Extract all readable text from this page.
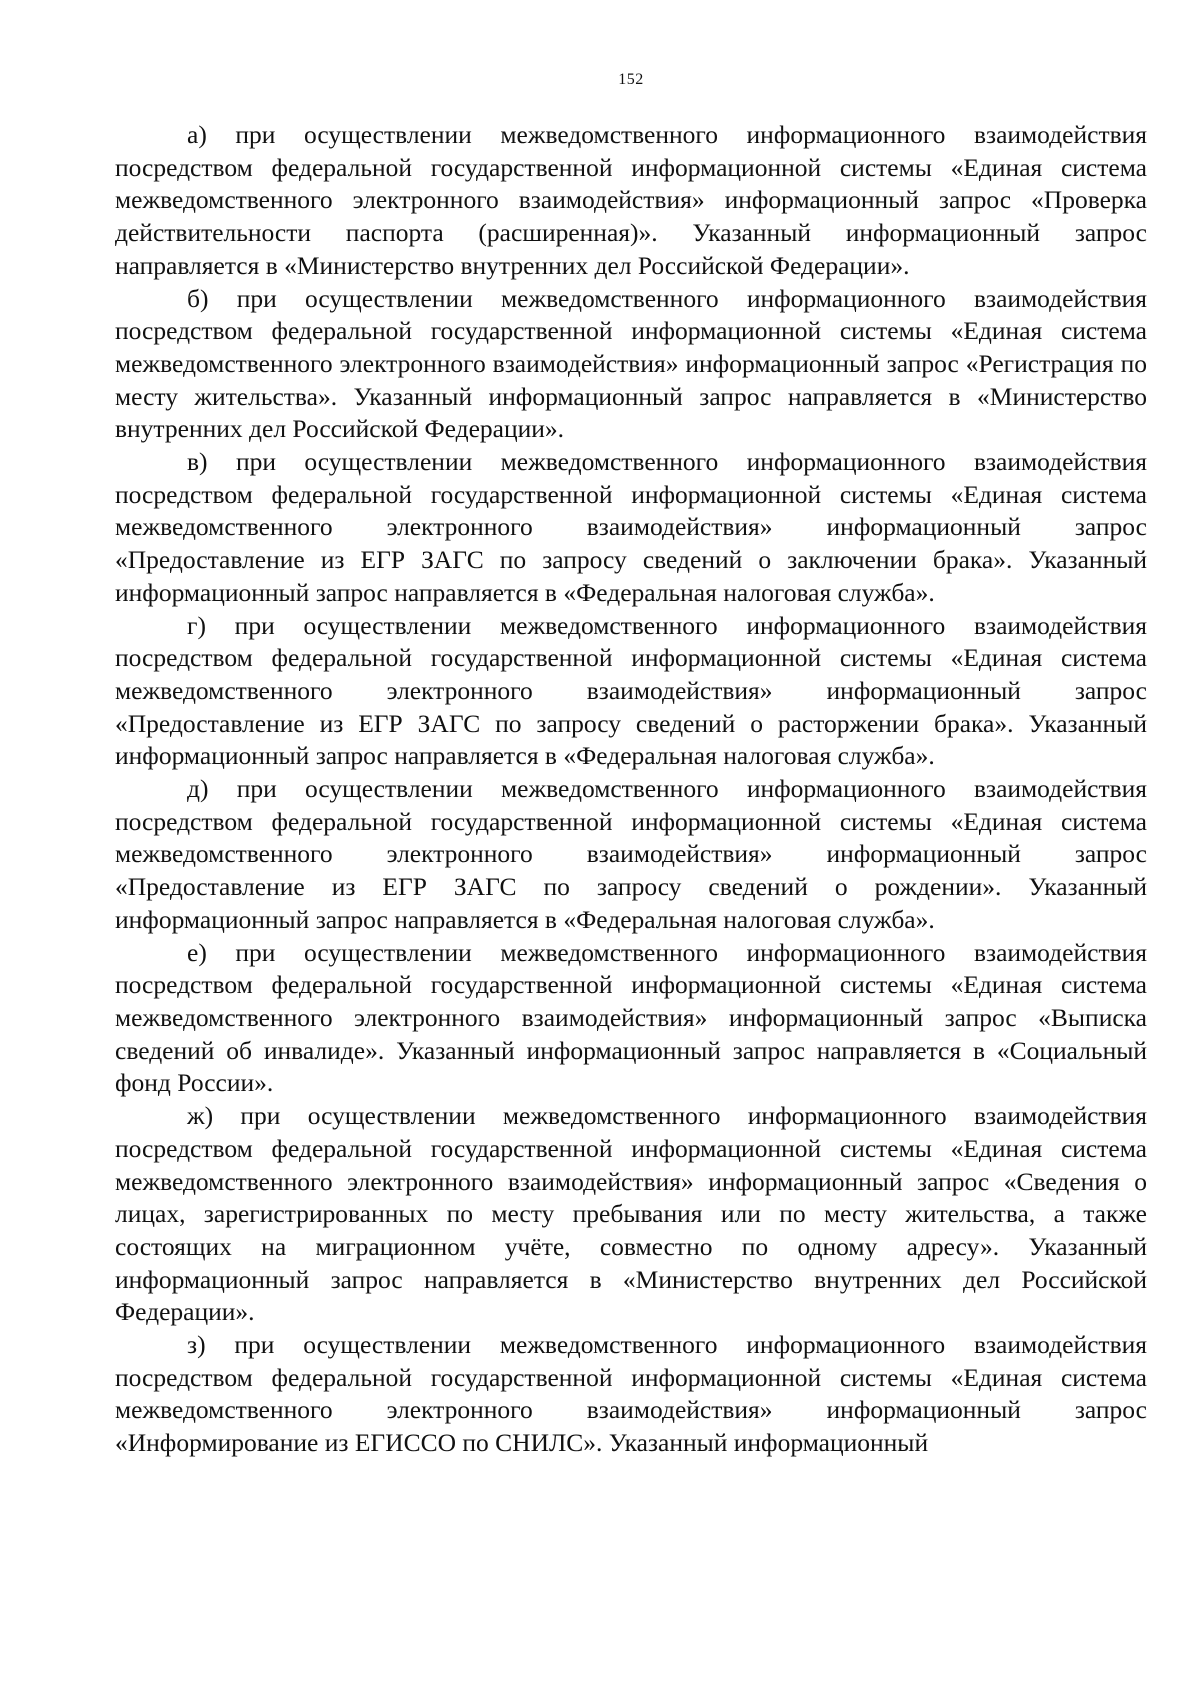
152

а) при осуществлении межведомственного информационного взаимодействия посредством федеральной государственной информационной системы «Единая система межведомственного электронного взаимодействия» информационный запрос «Проверка действительности паспорта (расширенная)». Указанный информационный запрос направляется в «Министерство внутренних дел Российской Федерации».

б) при осуществлении межведомственного информационного взаимодействия посредством федеральной государственной информационной системы «Единая система межведомственного электронного взаимодействия» информационный запрос «Регистрация по месту жительства». Указанный информационный запрос направляется в «Министерство внутренних дел Российской Федерации».

в) при осуществлении межведомственного информационного взаимодействия посредством федеральной государственной информационной системы «Единая система межведомственного электронного взаимодействия» информационный запрос «Предоставление из ЕГР ЗАГС по запросу сведений о заключении брака». Указанный информационный запрос направляется в «Федеральная налоговая служба».

г) при осуществлении межведомственного информационного взаимодействия посредством федеральной государственной информационной системы «Единая система межведомственного электронного взаимодействия» информационный запрос «Предоставление из ЕГР ЗАГС по запросу сведений о расторжении брака». Указанный информационный запрос направляется в «Федеральная налоговая служба».

д) при осуществлении межведомственного информационного взаимодействия посредством федеральной государственной информационной системы «Единая система межведомственного электронного взаимодействия» информационный запрос «Предоставление из ЕГР ЗАГС по запросу сведений о рождении». Указанный информационный запрос направляется в «Федеральная налоговая служба».

е) при осуществлении межведомственного информационного взаимодействия посредством федеральной государственной информационной системы «Единая система межведомственного электронного взаимодействия» информационный запрос «Выписка сведений об инвалиде». Указанный информационный запрос направляется в «Социальный фонд России».

ж) при осуществлении межведомственного информационного взаимодействия посредством федеральной государственной информационной системы «Единая система межведомственного электронного взаимодействия» информационный запрос «Сведения о лицах, зарегистрированных по месту пребывания или по месту жительства, а также состоящих на миграционном учёте, совместно по одному адресу». Указанный информационный запрос направляется в «Министерство внутренних дел Российской Федерации».

з) при осуществлении межведомственного информационного взаимодействия посредством федеральной государственной информационной системы «Единая система межведомственного электронного взаимодействия» информационный запрос «Информирование из ЕГИССО по СНИЛС». Указанный информационный
